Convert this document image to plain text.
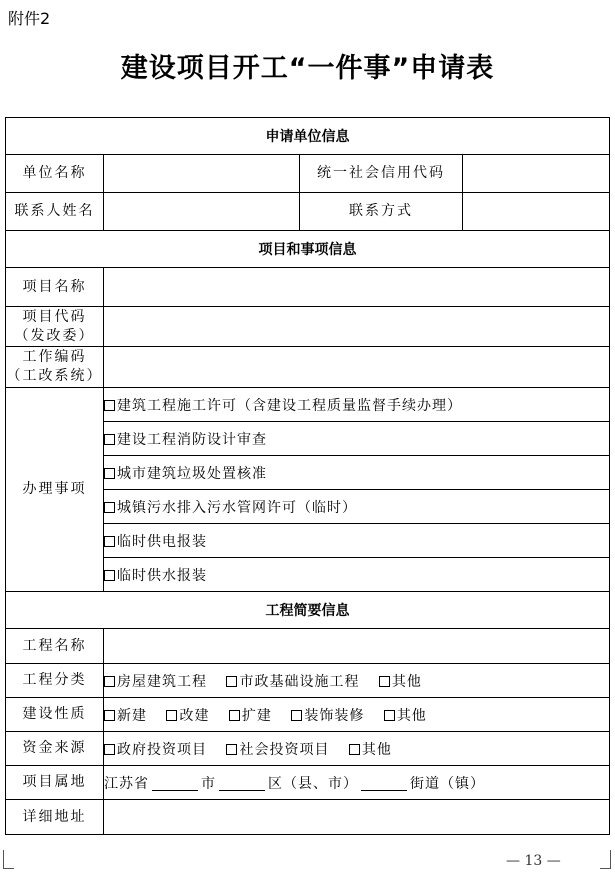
附件2
建设项目开工“一件事”申请表
申请单位信息			
单位名称		统一社会信用代码	
联系人姓名		联系方式	
项目和事项信息			
项目名称			

项目代码
（发改委）			

工作编码
（工改系统）			

办理事项	建筑工程施工许可（含建设工程质量监督手续办理）		
	建设工程消防设计审查		
	城市建筑垃圾处置核准		
	城镇污水排入污水管网许可（临时）		
	临时供电报装		
	临时供水报装		
工程简要信息			
工程名称			
工程分类	房屋建筑工程 市政基础设施工程 其他		
建设性质	新建 改建 扩建 装饰装修 其他		
资金来源	政府投资项目 社会投资项目 其他		
项目属地	江苏省 市 区（县、市） 街道（镇）		
详细地址			
— 13 —
